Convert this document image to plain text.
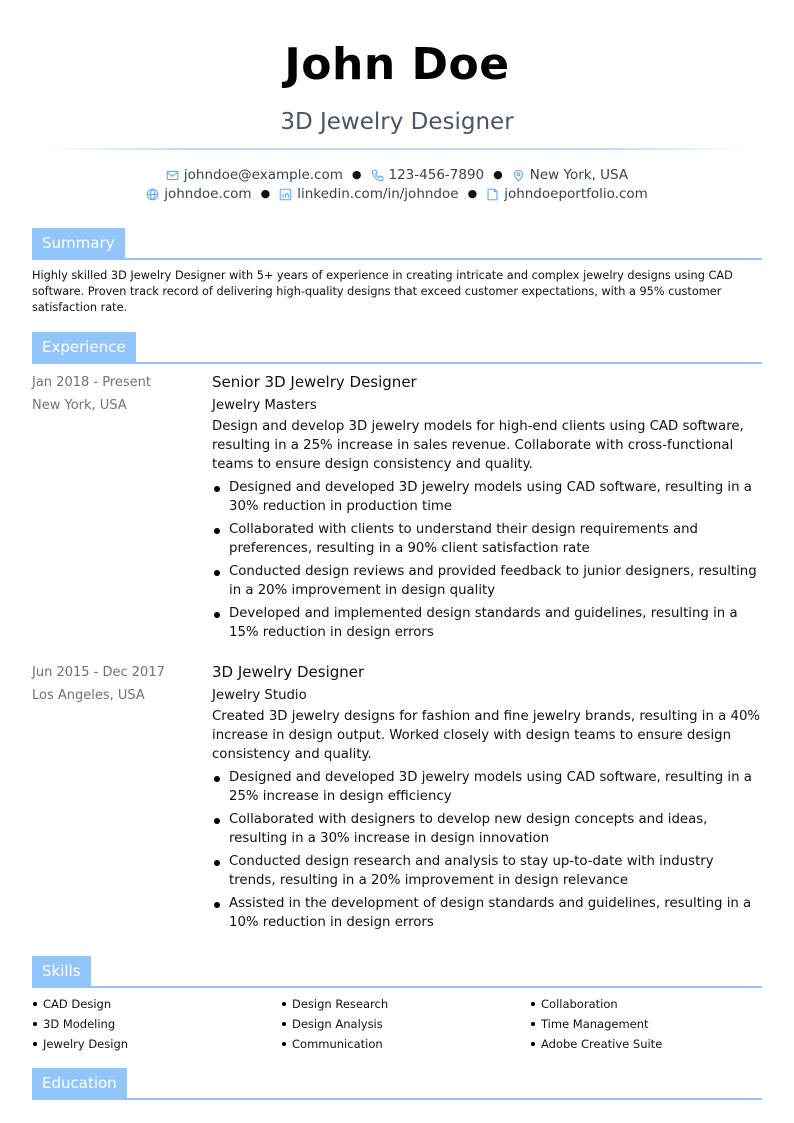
John Doe
3D Jewelry Designer
johndoe@example.com ● 123-456-7890 ● New York, USA
johndoe.com ● linkedin.com/in/johndoe ● johndoeportfolio.com
Summary
Highly skilled 3D Jewelry Designer with 5+ years of experience in creating intricate and complex jewelry designs using CAD software. Proven track record of delivering high-quality designs that exceed customer expectations, with a 95% customer satisfaction rate.
Experience
Jan 2018 - Present
New York, USA
Senior 3D Jewelry Designer
Jewelry Masters
Design and develop 3D jewelry models for high-end clients using CAD software, resulting in a 25% increase in sales revenue. Collaborate with cross-functional teams to ensure design consistency and quality.
Designed and developed 3D jewelry models using CAD software, resulting in a 30% reduction in production time
Collaborated with clients to understand their design requirements and preferences, resulting in a 90% client satisfaction rate
Conducted design reviews and provided feedback to junior designers, resulting in a 20% improvement in design quality
Developed and implemented design standards and guidelines, resulting in a 15% reduction in design errors
Jun 2015 - Dec 2017
Los Angeles, USA
3D Jewelry Designer
Jewelry Studio
Created 3D jewelry designs for fashion and fine jewelry brands, resulting in a 40% increase in design output. Worked closely with design teams to ensure design consistency and quality.
Designed and developed 3D jewelry models using CAD software, resulting in a 25% increase in design efficiency
Collaborated with designers to develop new design concepts and ideas, resulting in a 30% increase in design innovation
Conducted design research and analysis to stay up-to-date with industry trends, resulting in a 20% improvement in design relevance
Assisted in the development of design standards and guidelines, resulting in a 10% reduction in design errors
Skills
CAD Design	Design Research	Collaboration
3D Modeling	Design Analysis	Time Management
Jewelry Design	Communication	Adobe Creative Suite
Education
